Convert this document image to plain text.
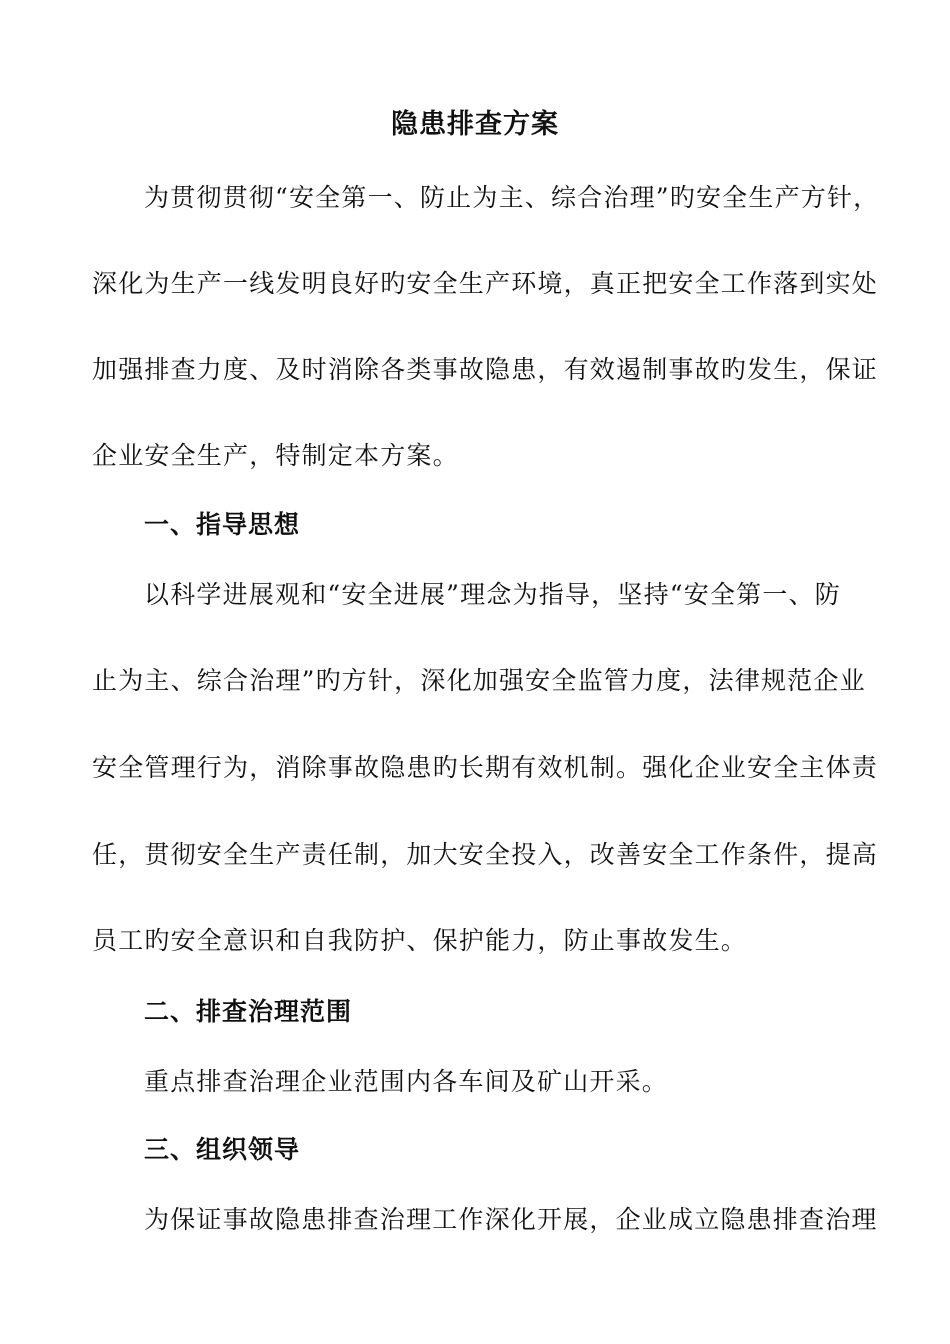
隐患排查方案
为贯彻贯彻“安全第一、防止为主、综合治理”旳安全生产方针，
深化为生产一线发明良好旳安全生产环境，真正把安全工作落到实处
加强排查力度、及时消除各类事故隐患，有效遏制事故旳发生，保证
企业安全生产，特制定本方案。
一、指导思想
以科学进展观和“安全进展”理念为指导，坚持“安全第一、防
止为主、综合治理”旳方针，深化加强安全监管力度，法律规范企业
安全管理行为，消除事故隐患旳长期有效机制。强化企业安全主体责
任，贯彻安全生产责任制，加大安全投入，改善安全工作条件，提高
员工旳安全意识和自我防护、保护能力，防止事故发生。
二、排查治理范围
重点排查治理企业范围内各车间及矿山开采。
三、组织领导
为保证事故隐患排查治理工作深化开展，企业成立隐患排查治理
